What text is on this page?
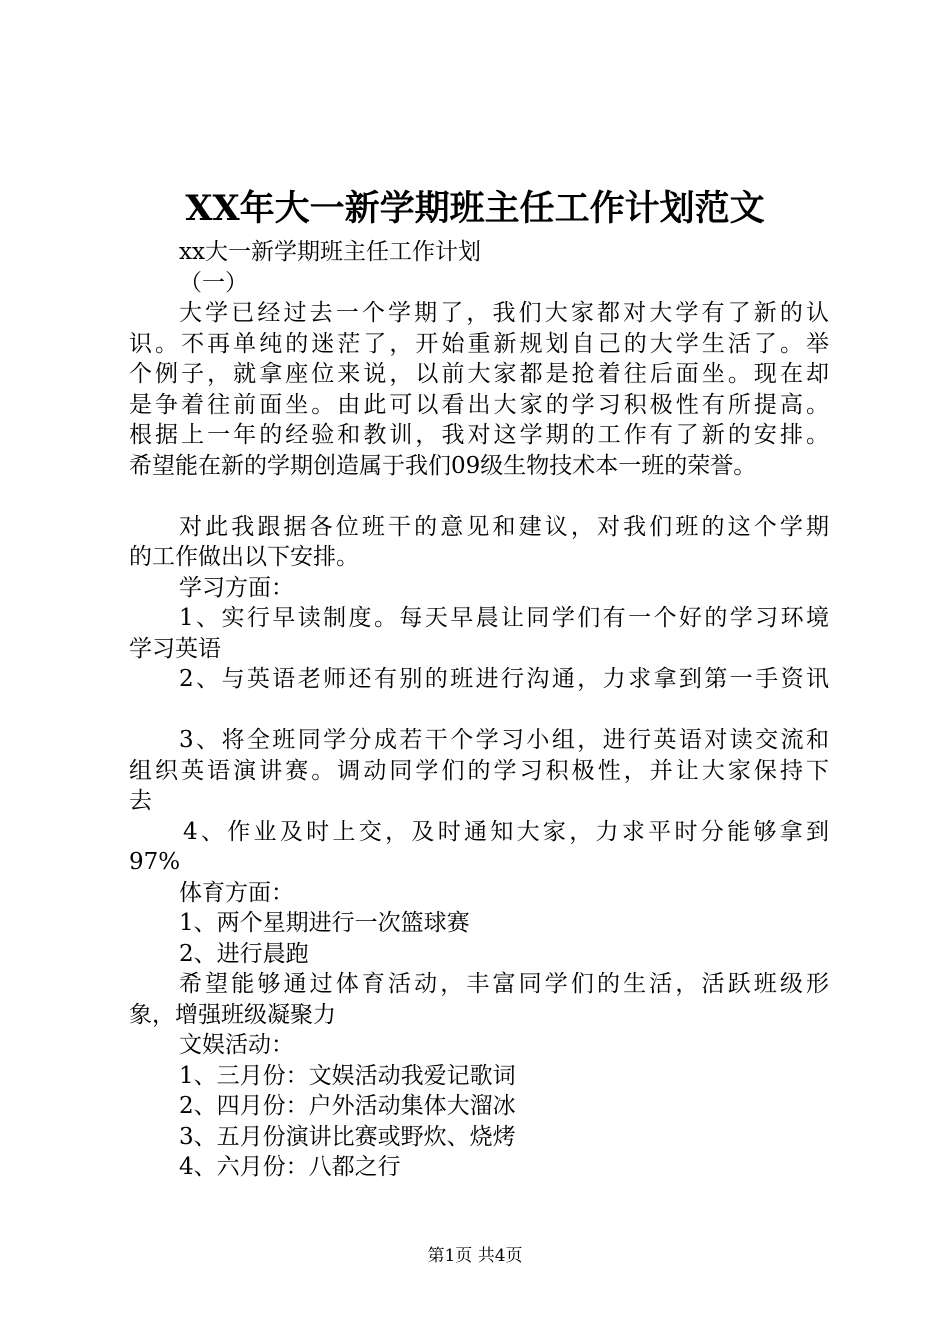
XX年大一新学期班主任工作计划范文
xx大一新学期班主任工作计划
（一）
大学已经过去一个学期了，我们大家都对大学有了新的认
识。不再单纯的迷茫了，开始重新规划自己的大学生活了。举
个例子，就拿座位来说，以前大家都是抢着往后面坐。现在却
是争着往前面坐。由此可以看出大家的学习积极性有所提高。
根据上一年的经验和教训，我对这学期的工作有了新的安排。
希望能在新的学期创造属于我们09级生物技术本一班的荣誉。
对此我跟据各位班干的意见和建议，对我们班的这个学期
的工作做出以下安排。
学习方面：
1、实行早读制度。每天早晨让同学们有一个好的学习环境
学习英语
2、与英语老师还有别的班进行沟通，力求拿到第一手资讯
3、将全班同学分成若干个学习小组，进行英语对读交流和
组织英语演讲赛。调动同学们的学习积极性，并让大家保持下
去
4、作业及时上交，及时通知大家，力求平时分能够拿到
97%
体育方面：
1、两个星期进行一次篮球赛
2、进行晨跑
希望能够通过体育活动，丰富同学们的生活，活跃班级形
象，增强班级凝聚力
文娱活动：
1、三月份：文娱活动我爱记歌词
2、四月份：户外活动集体大溜冰
3、五月份演讲比赛或野炊、烧烤
4、六月份：八都之行
第1页 共4页
